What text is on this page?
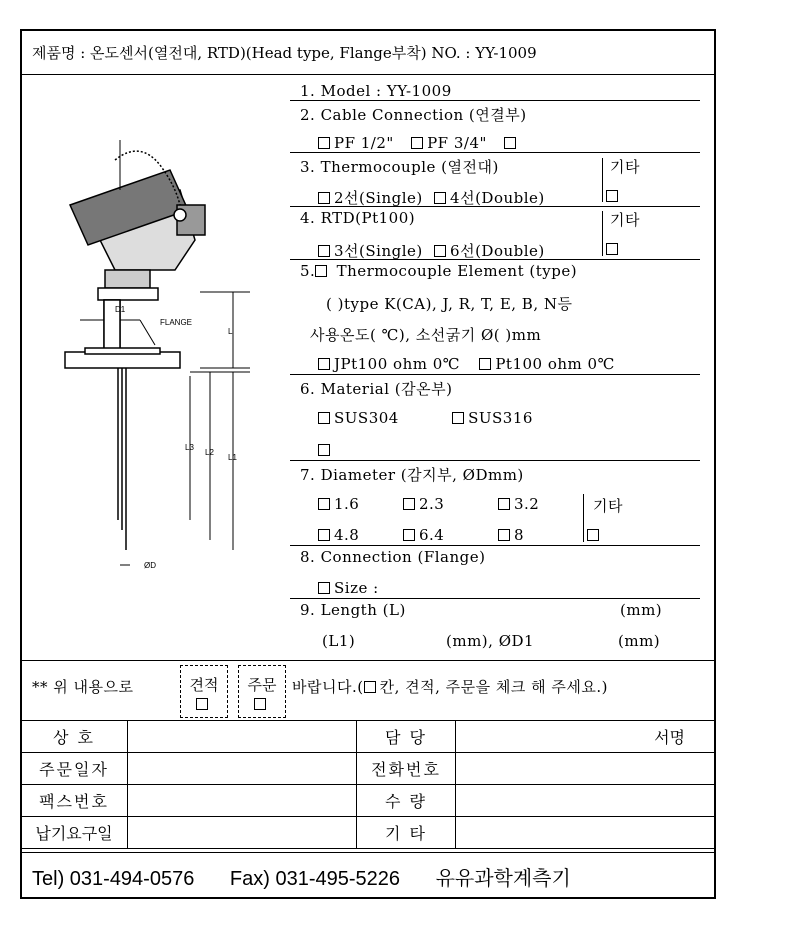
제품명 : 온도센서(열전대, RTD)(Head type, Flange부착) NO. : YY-1009
D1
FLANGE
L
L3
L2
L1
ØD
1. Model : YY-1009
2. Cable Connection (연결부)
PF 1/2" PF 3/4"
3. Thermocouple (열전대)
2선(Single) 4선(Double)
기타
4. RTD(Pt100)
3선(Single) 6선(Double)
기타
5. Thermocouple Element (type)
( )type K(CA), J, R, T, E, B, N등
사용온도( ℃), 소선굵기 Ø( )mm
JPt100 ohm 0℃ Pt100 ohm 0℃
6. Material (감온부)
SUS304	SUS316
7. Diameter (감지부, ØDmm)
1.6	2.3	3.2
4.8	6.4	8
기타
8. Connection (Flange)
Size :
9. Length (L)	(mm)
(L1)	(mm), ØD1	(mm)
** 위 내용으로	견적	주문	바랍니다.( 칸, 견적, 주문을 체크 해 주세요.)
상 호		담 당	서명
주문일자		전화번호	
팩스번호		수 량	
납기요구일		기 타	
Tel) 031-494-0576 Fax) 031-495-5226 유유과학계측기
